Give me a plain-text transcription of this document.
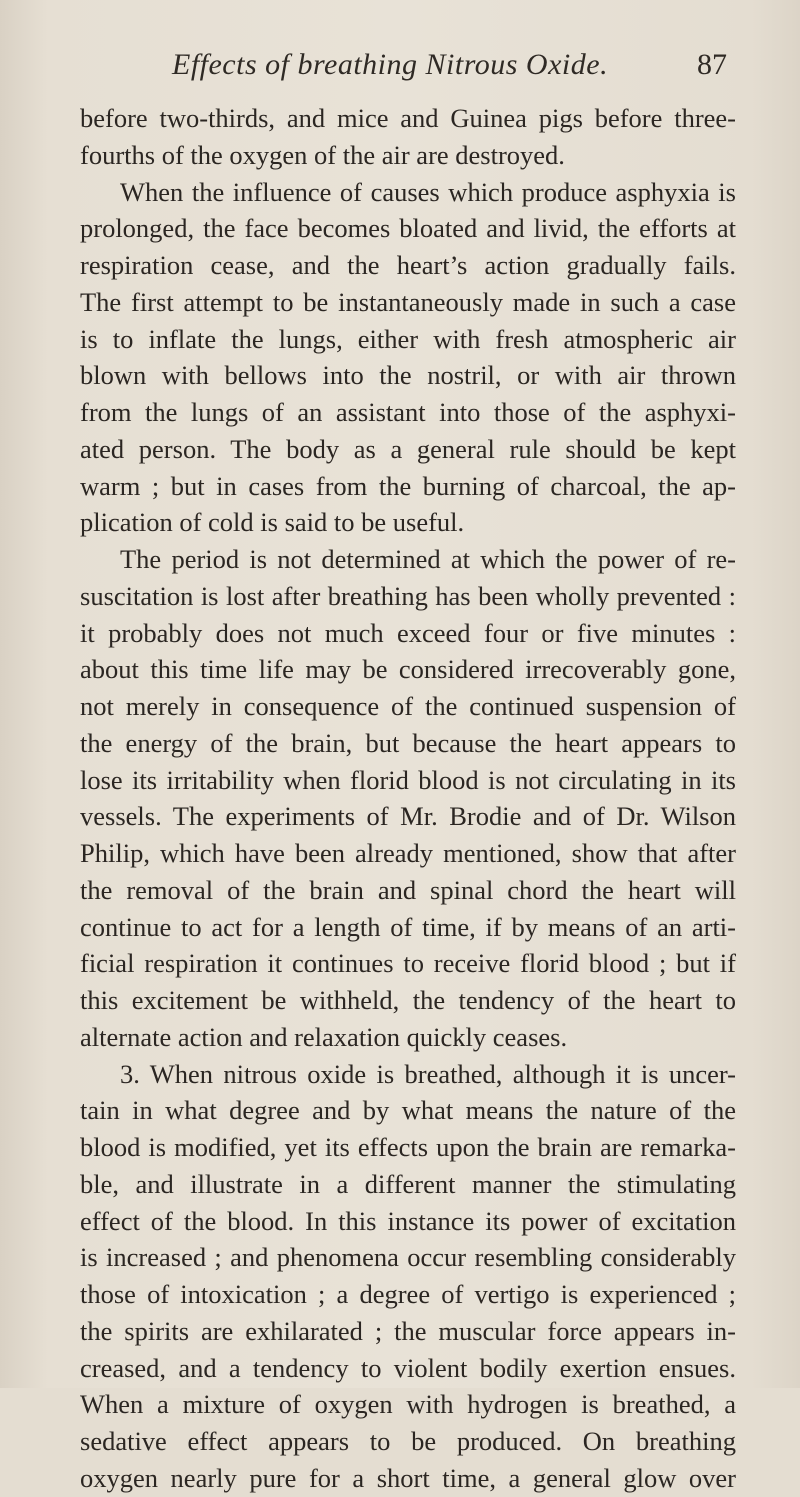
Effects of breathing Nitrous Oxide.	87
before two-thirds, and mice and Guinea pigs before three-
fourths of the oxygen of the air are destroyed.
When the influence of causes which produce asphyxia is
prolonged, the face becomes bloated and livid, the efforts at
respiration cease, and the heart’s action gradually fails.
The first attempt to be instantaneously made in such a case
is to inflate the lungs, either with fresh atmospheric air
blown with bellows into the nostril, or with air thrown
from the lungs of an assistant into those of the asphyxi-
ated person. The body as a general rule should be kept
warm ; but in cases from the burning of charcoal, the ap-
plication of cold is said to be useful.
The period is not determined at which the power of re-
suscitation is lost after breathing has been wholly prevented :
it probably does not much exceed four or five minutes :
about this time life may be considered irrecoverably gone,
not merely in consequence of the continued suspension of
the energy of the brain, but because the heart appears to
lose its irritability when florid blood is not circulating in its
vessels. The experiments of Mr. Brodie and of Dr. Wilson
Philip, which have been already mentioned, show that after
the removal of the brain and spinal chord the heart will
continue to act for a length of time, if by means of an arti-
ficial respiration it continues to receive florid blood ; but if
this excitement be withheld, the tendency of the heart to
alternate action and relaxation quickly ceases.
3. When nitrous oxide is breathed, although it is uncer-
tain in what degree and by what means the nature of the
blood is modified, yet its effects upon the brain are remarka-
ble, and illustrate in a different manner the stimulating
effect of the blood. In this instance its power of excitation
is increased ; and phenomena occur resembling considerably
those of intoxication ; a degree of vertigo is experienced ;
the spirits are exhilarated ; the muscular force appears in-
creased, and a tendency to violent bodily exertion ensues.
When a mixture of oxygen with hydrogen is breathed, a
sedative effect appears to be produced. On breathing
oxygen nearly pure for a short time, a general glow over
